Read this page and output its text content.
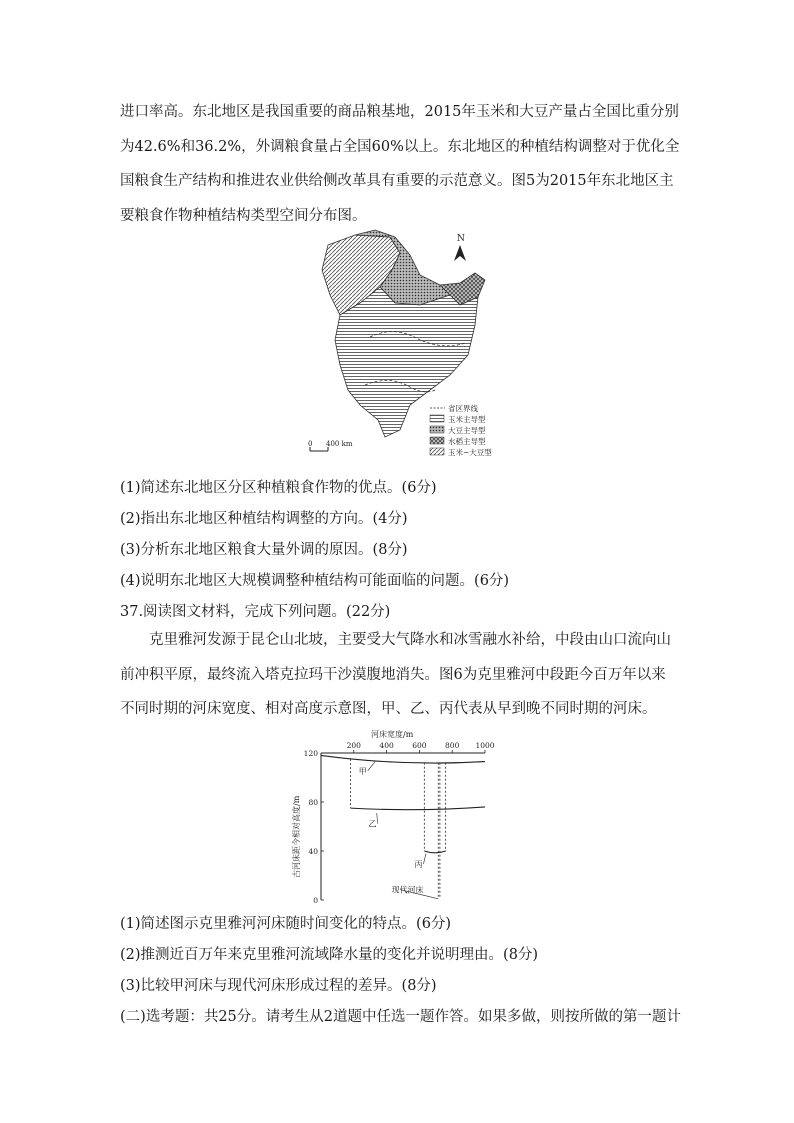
进口率高。东北地区是我国重要的商品粮基地，2015年玉米和大豆产量占全国比重分别为42.6%和36.2%，外调粮食量占全国60%以上。东北地区的种植结构调整对于优化全国粮食生产结构和推进农业供给侧改革具有重要的示范意义。图5为2015年东北地区主要粮食作物种植结构类型空间分布图。

N
0 400 km
省区界线
玉米主导型
大豆主导型
水稻主导型
玉米−大豆型
(1)简述东北地区分区种植粮食作物的优点。(6分)
(2)指出东北地区种植结构调整的方向。(4分)
(3)分析东北地区粮食大量外调的原因。(8分)
(4)说明东北地区大规模调整种植结构可能面临的问题。(6分)
37.阅读图文材料，完成下列问题。(22分)

克里雅河发源于昆仑山北坡，主要受大气降水和冰雪融水补给，中段由山口流向山前冲积平原，最终流入塔克拉玛干沙漠腹地消失。图6为克里雅河中段距今百万年以来不同时期的河床宽度、相对高度示意图，甲、乙、丙代表从早到晚不同时期的河床。

河床宽度/m
古河床距今相对高度/m
200 400 600 800 1000
120
80
40
0
甲
乙
丙
现代河床
(1)简述图示克里雅河河床随时间变化的特点。(6分)
(2)推测近百万年来克里雅河流域降水量的变化并说明理由。(8分)
(3)比较甲河床与现代河床形成过程的差异。(8分)
(二)选考题：共25分。请考生从2道题中任选一题作答。如果多做，则按所做的第一题计
